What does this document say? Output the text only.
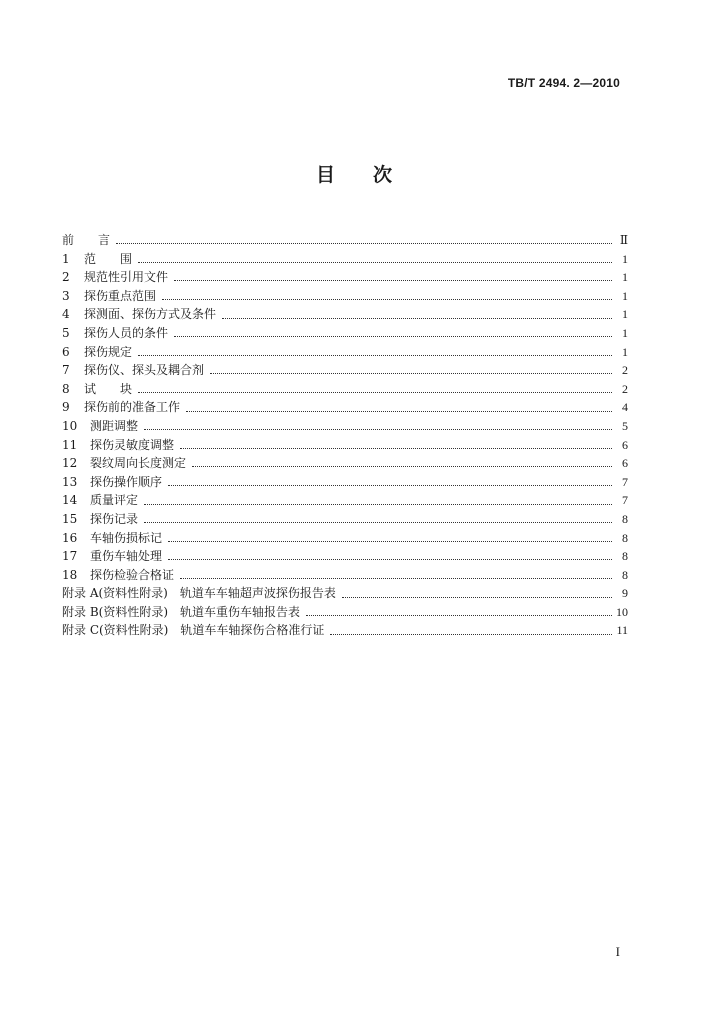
TB/T 2494. 2—2010
目　　次
前　　言	Ⅱ
1	范　　围	1
2	规范性引用文件	1
3	探伤重点范围	1
4	探测面、探伤方式及条件	1
5	探伤人员的条件	1
6	探伤规定	1
7	探伤仪、探头及耦合剂	2
8	试　　块	2
9	探伤前的准备工作	4
10	测距调整	5
11	探伤灵敏度调整	6
12	裂纹周向长度测定	6
13	探伤操作顺序	7
14	质量评定	7
15	探伤记录	8
16	车轴伤损标记	8
17	重伤车轴处理	8
18	探伤检验合格证	8
附录 A(资料性附录)　轨道车车轴超声波探伤报告表	9
附录 B(资料性附录)　轨道车重伤车轴报告表	10
附录 C(资料性附录)　轨道车车轴探伤合格准行证	11
I
